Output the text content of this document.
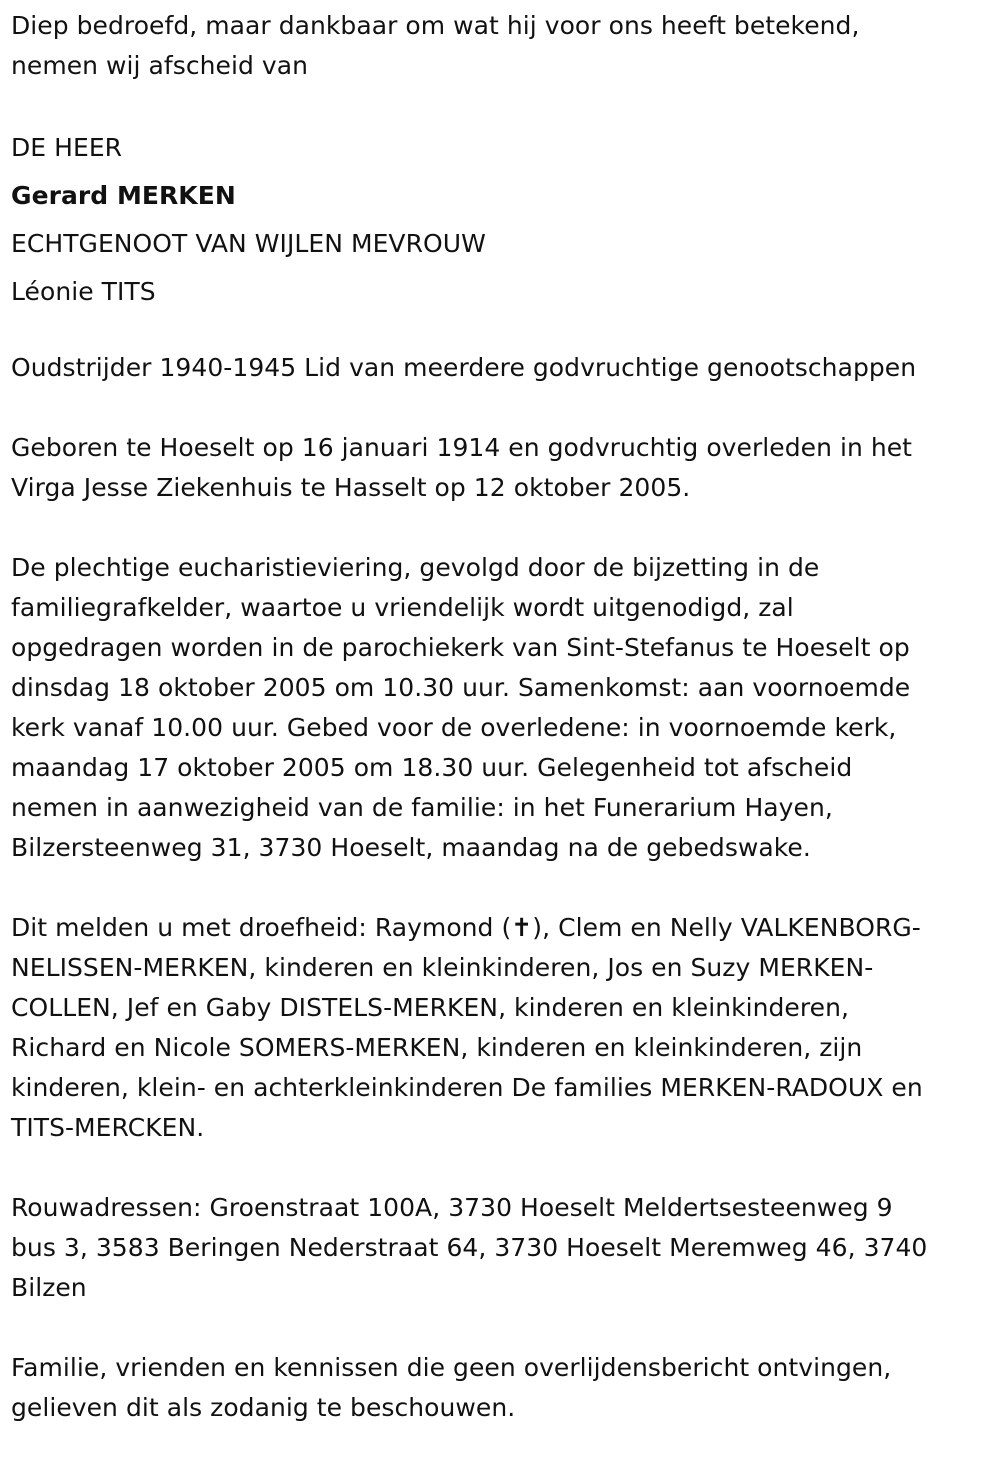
Diep bedroefd, maar dankbaar om wat hij voor ons heeft betekend,
nemen wij afscheid van
DE HEER
Gerard MERKEN
ECHTGENOOT VAN WIJLEN MEVROUW
Léonie TITS
Oudstrijder 1940-1945 Lid van meerdere godvruchtige genootschappen
Geboren te Hoeselt op 16 januari 1914 en godvruchtig overleden in het
Virga Jesse Ziekenhuis te Hasselt op 12 oktober 2005.
De plechtige eucharistieviering, gevolgd door de bijzetting in de
familiegrafkelder, waartoe u vriendelijk wordt uitgenodigd, zal
opgedragen worden in de parochiekerk van Sint-Stefanus te Hoeselt op
dinsdag 18 oktober 2005 om 10.30 uur. Samenkomst: aan voornoemde
kerk vanaf 10.00 uur. Gebed voor de overledene: in voornoemde kerk,
maandag 17 oktober 2005 om 18.30 uur. Gelegenheid tot afscheid
nemen in aanwezigheid van de familie: in het Funerarium Hayen,
Bilzersteenweg 31, 3730 Hoeselt, maandag na de gebedswake.
Dit melden u met droefheid: Raymond (✝), Clem en Nelly VALKENBORG-
NELISSEN-MERKEN, kinderen en kleinkinderen, Jos en Suzy MERKEN-
COLLEN, Jef en Gaby DISTELS-MERKEN, kinderen en kleinkinderen,
Richard en Nicole SOMERS-MERKEN, kinderen en kleinkinderen, zijn
kinderen, klein- en achterkleinkinderen De families MERKEN-RADOUX en
TITS-MERCKEN.
Rouwadressen: Groenstraat 100A, 3730 Hoeselt Meldertsesteenweg 9
bus 3, 3583 Beringen Nederstraat 64, 3730 Hoeselt Meremweg 46, 3740
Bilzen
Familie, vrienden en kennissen die geen overlijdensbericht ontvingen,
gelieven dit als zodanig te beschouwen.
